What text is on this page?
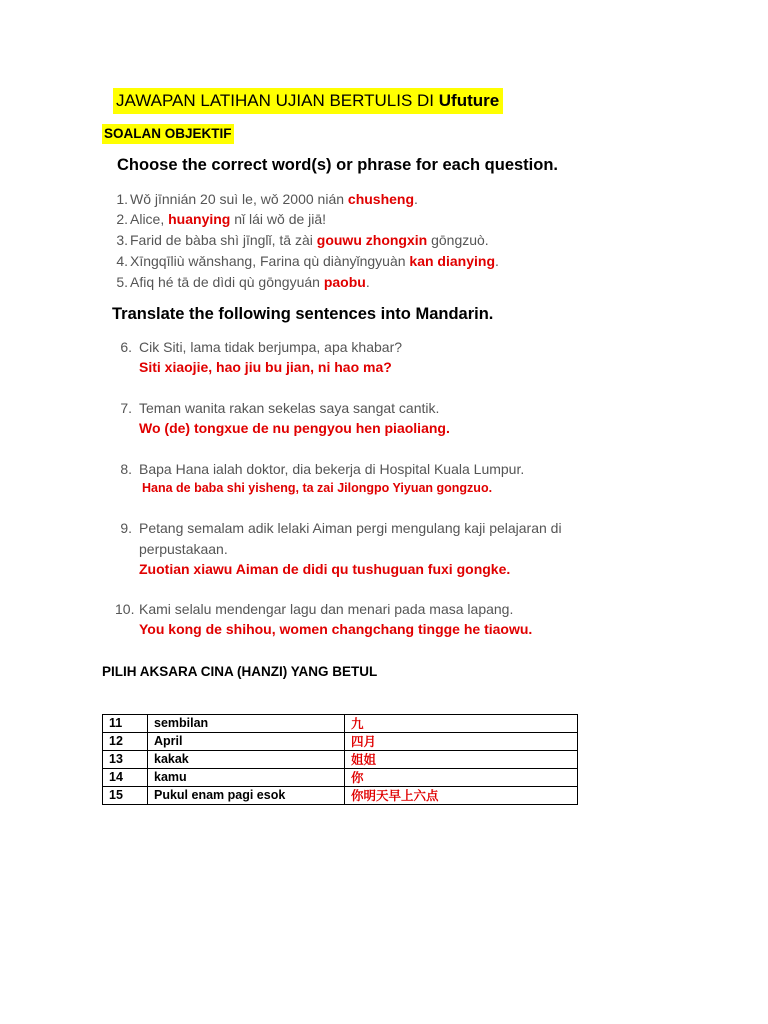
JAWAPAN LATIHAN UJIAN BERTULIS DI Ufuture
SOALAN OBJEKTIF
Choose the correct word(s) or phrase for each question.
1. Wǒ jīnnián 20 suì le, wǒ 2000 nián chusheng.
2. Alice, huanying nǐ lái wǒ de jiā!
3. Farid de bàba shì jīnglǐ, tā zài gouwu zhongxin gōngzuò.
4. Xīngqīliù wǎnshang, Farina qù diànyǐngyuàn kan dianying.
5. Afiq hé tā de dìdi qù gōngyuán paobu.
Translate the following sentences into Mandarin.
6. Cik Siti, lama tidak berjumpa, apa khabar?
Siti xiaojie, hao jiu bu jian, ni hao ma?
7. Teman wanita rakan sekelas saya sangat cantik.
Wo (de) tongxue de nu pengyou hen piaoliang.
8. Bapa Hana ialah doktor, dia bekerja di Hospital Kuala Lumpur.
Hana de baba shi yisheng, ta zai Jilongpo Yiyuan gongzuo.
9. Petang semalam adik lelaki Aiman pergi mengulang kaji pelajaran di
perpustakaan.
Zuotian xiawu Aiman de didi qu tushuguan fuxi gongke.
10. Kami selalu mendengar lagu dan menari pada masa lapang.
You kong de shihou, women changchang tingge he tiaowu.
PILIH AKSARA CINA (HANZI) YANG BETUL
11	sembilan	九
12	April	四月
13	kakak	姐姐
14	kamu	你
15	Pukul enam pagi esok	你明天早上六点
